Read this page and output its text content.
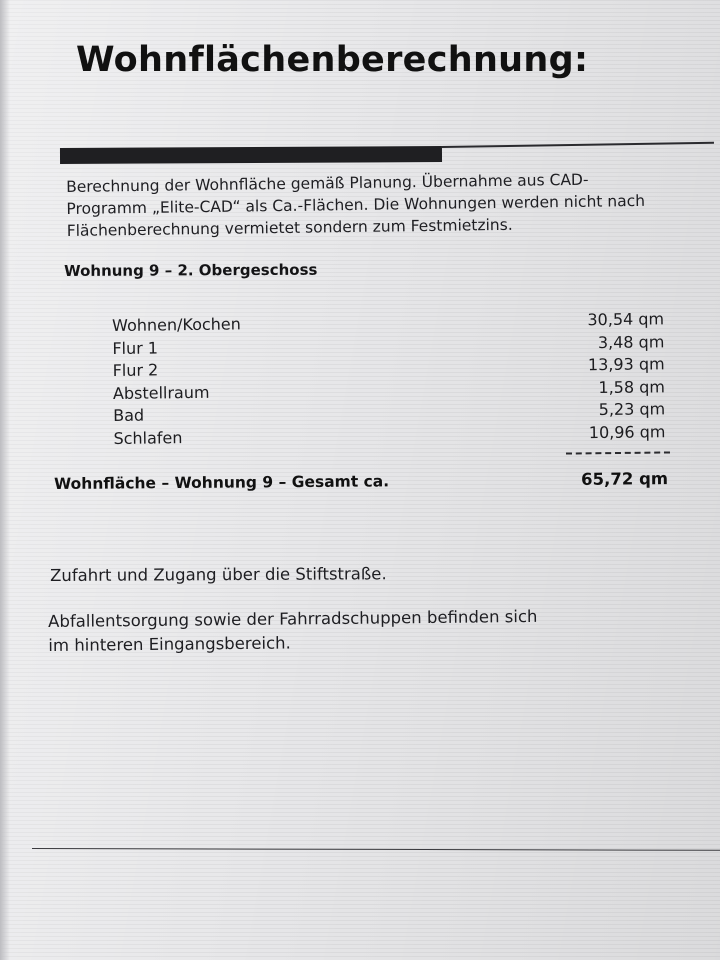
Wohnflächenberechnung:

Berechnung der Wohnfläche gemäß Planung. Übernahme aus CAD-
Programm „Elite-CAD“ als Ca.-Flächen. Die Wohnungen werden nicht nach
Flächenberechnung vermietet sondern zum Festmietzins.

Wohnung 9 – 2. Obergeschoss
Wohnen/Kochen	30,54 qm
Flur 1	3,48 qm
Flur 2	13,93 qm
Abstellraum	1,58 qm
Bad	5,23 qm
Schlafen	10,96 qm
Wohnfläche – Wohnung 9 – Gesamt ca.	65,72 qm

Zufahrt und Zugang über die Stiftstraße.

Abfallentsorgung sowie der Fahrradschuppen befinden sich
im hinteren Eingangsbereich.
